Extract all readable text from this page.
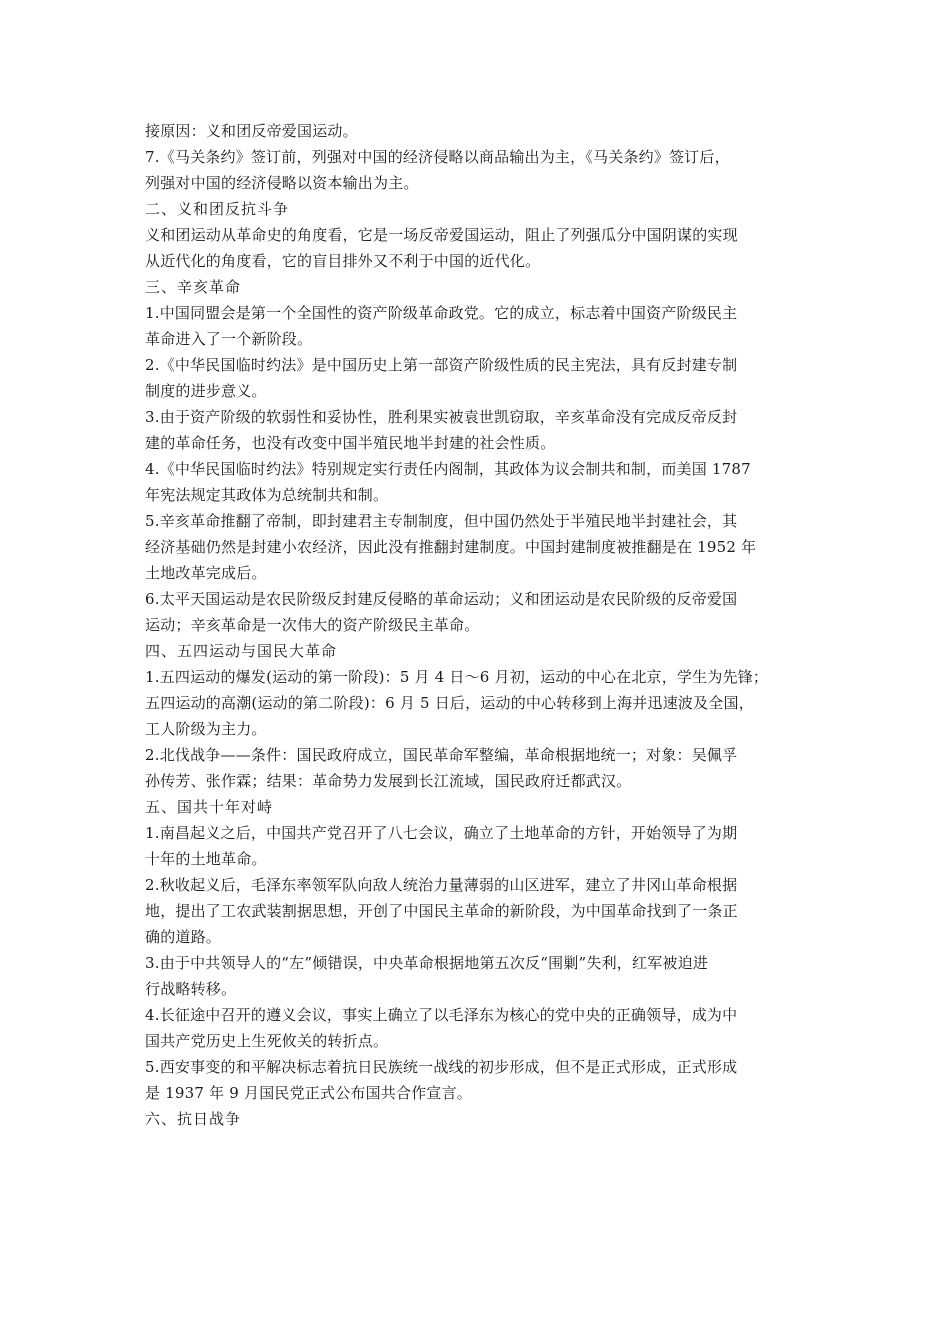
接原因：义和团反帝爱国运动。
7.《马关条约》签订前，列强对中国的经济侵略以商品输出为主，《马关条约》签订后，
列强对中国的经济侵略以资本输出为主。
二、义和团反抗斗争
义和团运动从革命史的角度看，它是一场反帝爱国运动，阻止了列强瓜分中国阴谋的实现
从近代化的角度看，它的盲目排外又不利于中国的近代化。
三、辛亥革命
1.中国同盟会是第一个全国性的资产阶级革命政党。它的成立，标志着中国资产阶级民主
革命进入了一个新阶段。
2.《中华民国临时约法》是中国历史上第一部资产阶级性质的民主宪法，具有反封建专制
制度的进步意义。
3.由于资产阶级的软弱性和妥协性，胜利果实被袁世凯窃取，辛亥革命没有完成反帝反封
建的革命任务，也没有改变中国半殖民地半封建的社会性质。
4.《中华民国临时约法》特别规定实行责任内阁制，其政体为议会制共和制，而美国 1787
年宪法规定其政体为总统制共和制。
5.辛亥革命推翻了帝制，即封建君主专制制度，但中国仍然处于半殖民地半封建社会，其
经济基础仍然是封建小农经济，因此没有推翻封建制度。中国封建制度被推翻是在 1952 年
土地改革完成后。
6.太平天国运动是农民阶级反封建反侵略的革命运动；义和团运动是农民阶级的反帝爱国
运动；辛亥革命是一次伟大的资产阶级民主革命。
四、五四运动与国民大革命
1.五四运动的爆发(运动的第一阶段)：5 月 4 日～6 月初，运动的中心在北京，学生为先锋；
五四运动的高潮(运动的第二阶段)：6 月 5 日后，运动的中心转移到上海并迅速波及全国，
工人阶级为主力。
2.北伐战争——条件：国民政府成立，国民革命军整编，革命根据地统一；对象：吴佩孚
孙传芳、张作霖；结果：革命势力发展到长江流域，国民政府迁都武汉。
五、国共十年对峙
1.南昌起义之后，中国共产党召开了八七会议，确立了土地革命的方针，开始领导了为期
十年的土地革命。
2.秋收起义后，毛泽东率领军队向敌人统治力量薄弱的山区进军，建立了井冈山革命根据
地，提出了工农武装割据思想，开创了中国民主革命的新阶段，为中国革命找到了一条正
确的道路。
3.由于中共领导人的“左”倾错误，中央革命根据地第五次反“围剿”失利，红军被迫进
行战略转移。
4.长征途中召开的遵义会议，事实上确立了以毛泽东为核心的党中央的正确领导，成为中
国共产党历史上生死攸关的转折点。
5.西安事变的和平解决标志着抗日民族统一战线的初步形成，但不是正式形成，正式形成
是 1937 年 9 月国民党正式公布国共合作宣言。
六、抗日战争
